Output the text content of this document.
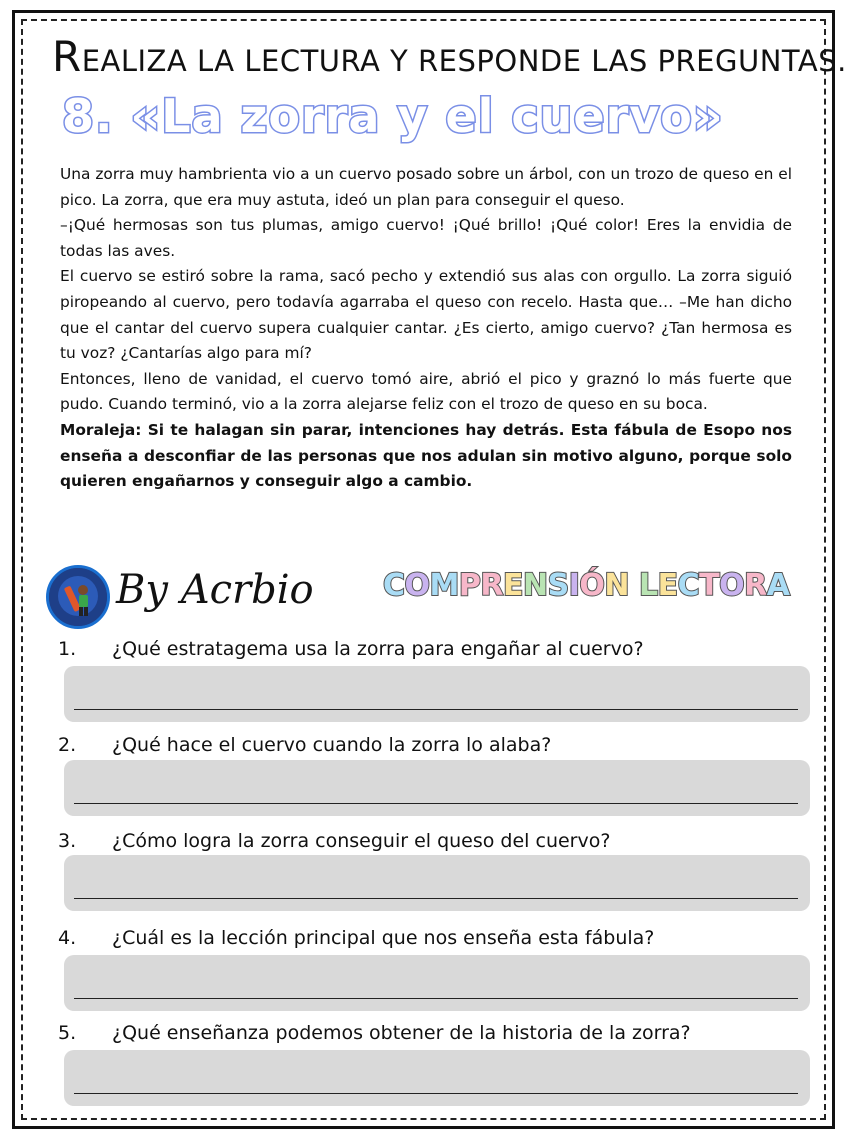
REALIZA LA LECTURA Y RESPONDE LAS PREGUNTAS.
8. «La zorra y el cuervo»

Una zorra muy hambrienta vio a un cuervo posado sobre un árbol, con un trozo de queso en el pico. La zorra, que era muy astuta, ideó un plan para conseguir el queso.

–¡Qué hermosas son tus plumas, amigo cuervo! ¡Qué brillo! ¡Qué color! Eres la envidia de todas las aves.

El cuervo se estiró sobre la rama, sacó pecho y extendió sus alas con orgullo. La zorra siguió piropeando al cuervo, pero todavía agarraba el queso con recelo. Hasta que… –Me han dicho que el cantar del cuervo supera cualquier cantar. ¿Es cierto, amigo cuervo? ¿Tan hermosa es tu voz? ¿Cantarías algo para mí?

Entonces, lleno de vanidad, el cuervo tomó aire, abrió el pico y graznó lo más fuerte que pudo. Cuando terminó, vio a la zorra alejarse feliz con el trozo de queso en su boca.

Moraleja: Si te halagan sin parar, intenciones hay detrás. Esta fábula de Esopo nos enseña a desconfiar de las personas que nos adulan sin motivo alguno, porque solo quieren engañarnos y conseguir algo a cambio.

By Acrbio COMPRENSIÓN LECTORA
1. ¿Qué estratagema usa la zorra para engañar al cuervo?
2. ¿Qué hace el cuervo cuando la zorra lo alaba?
3. ¿Cómo logra la zorra conseguir el queso del cuervo?
4. ¿Cuál es la lección principal que nos enseña esta fábula?
5. ¿Qué enseñanza podemos obtener de la historia de la zorra?
